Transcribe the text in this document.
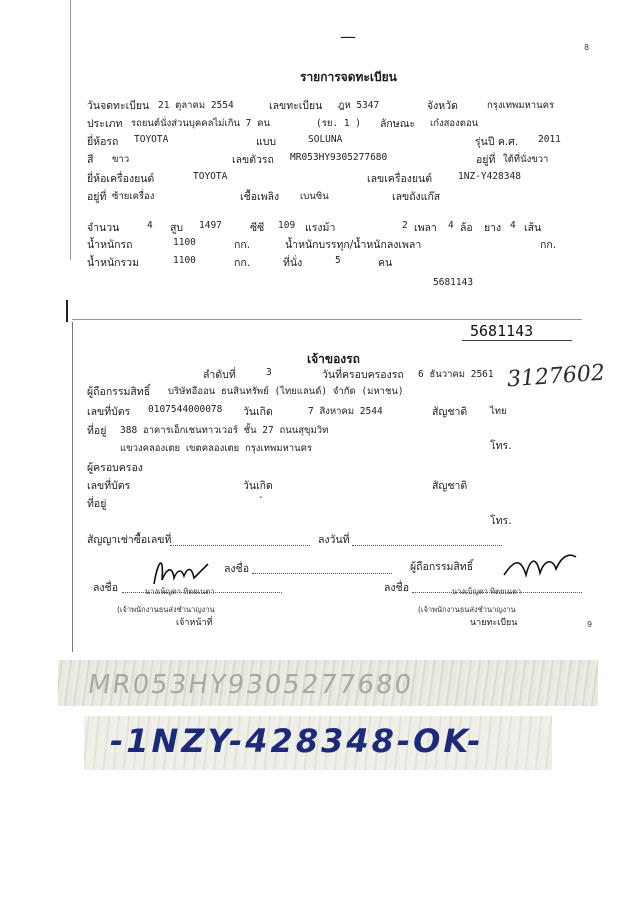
—
8
รายการจดทะเบียน
วันจดทะเบียน 21 ตุลาคม 2554	เลขทะเบียน ฎห 5347	จังหวัด	กรุงเทพมหานคร
ประเภท รถยนต์นั่งส่วนบุคคลไม่เกิน 7 คน	(รย. 1 ) ลักษณะ เก๋งสองตอน
ยี่ห้อรถ TOYOTA	แบบ	SOLUNA	รุ่นปี ค.ศ. 2011
สี ขาว	เลขตัวรถ MR053HY9305277680	อยู่ที่ ใต้ที่นั่งขวา
ยี่ห้อเครื่องยนต์	TOYOTA	เลขเครื่องยนต์	1NZ-Y428348
อยู่ที่ ซ้ายเครื่อง	เชื้อเพลิง เบนซิน	เลขถังแก๊ส
จำนวน	4 สูบ 1497	ซีซี 109 แรงม้า	2 เพลา 4 ล้อ ยาง 4 เส้น
น้ำหนักรถ	1100	กก.	น้ำหนักบรรทุก/น้ำหนักลงเพลา	กก.
น้ำหนักรวม	1100	กก.	ที่นั่ง	5	คน
5681143
5681143
เจ้าของรถ
ลำดับที่	3	วันที่ครอบครองรถ 6 ธันวาคม 2561 3127602
ผู้ถือกรรมสิทธิ์ บริษัทอีออน ธนสินทรัพย์ (ไทยแลนด์) จำกัด (มหาชน)
เลขที่บัตร 0107544000078 วันเกิด	7 สิงหาคม 2544	สัญชาติ ไทย
ที่อยู่ 388 อาคารเอ็กเชนทาวเวอร์ ชั้น 27 ถนนสุขุมวิท
แขวงคลองเตย เขตคลองเตย กรุงเทพมหานคร	โทร.
ผู้ครอบครอง
เลขที่บัตร	วันเกิด	สัญชาติ
ที่อยู่
-
โทร.
สัญญาเช่าซื้อเลขที่	ลงวันที่
ลงชื่อ	ผู้ถือกรรมสิทธิ์
ลงชื่อ	ลงชื่อ
นางเพ็ญตา ทิตยเนตา
(เจ้าพนักงานธนส่งชำนาญงาน
เจ้าหน้าที่
นางเบ็ญตา ทิตยเนตา
(เจ้าพนักงานธนส่งชำนาญงาน
นายทะเบียน	9
MR053HY9305277680
-1NZY-428348-OK-
